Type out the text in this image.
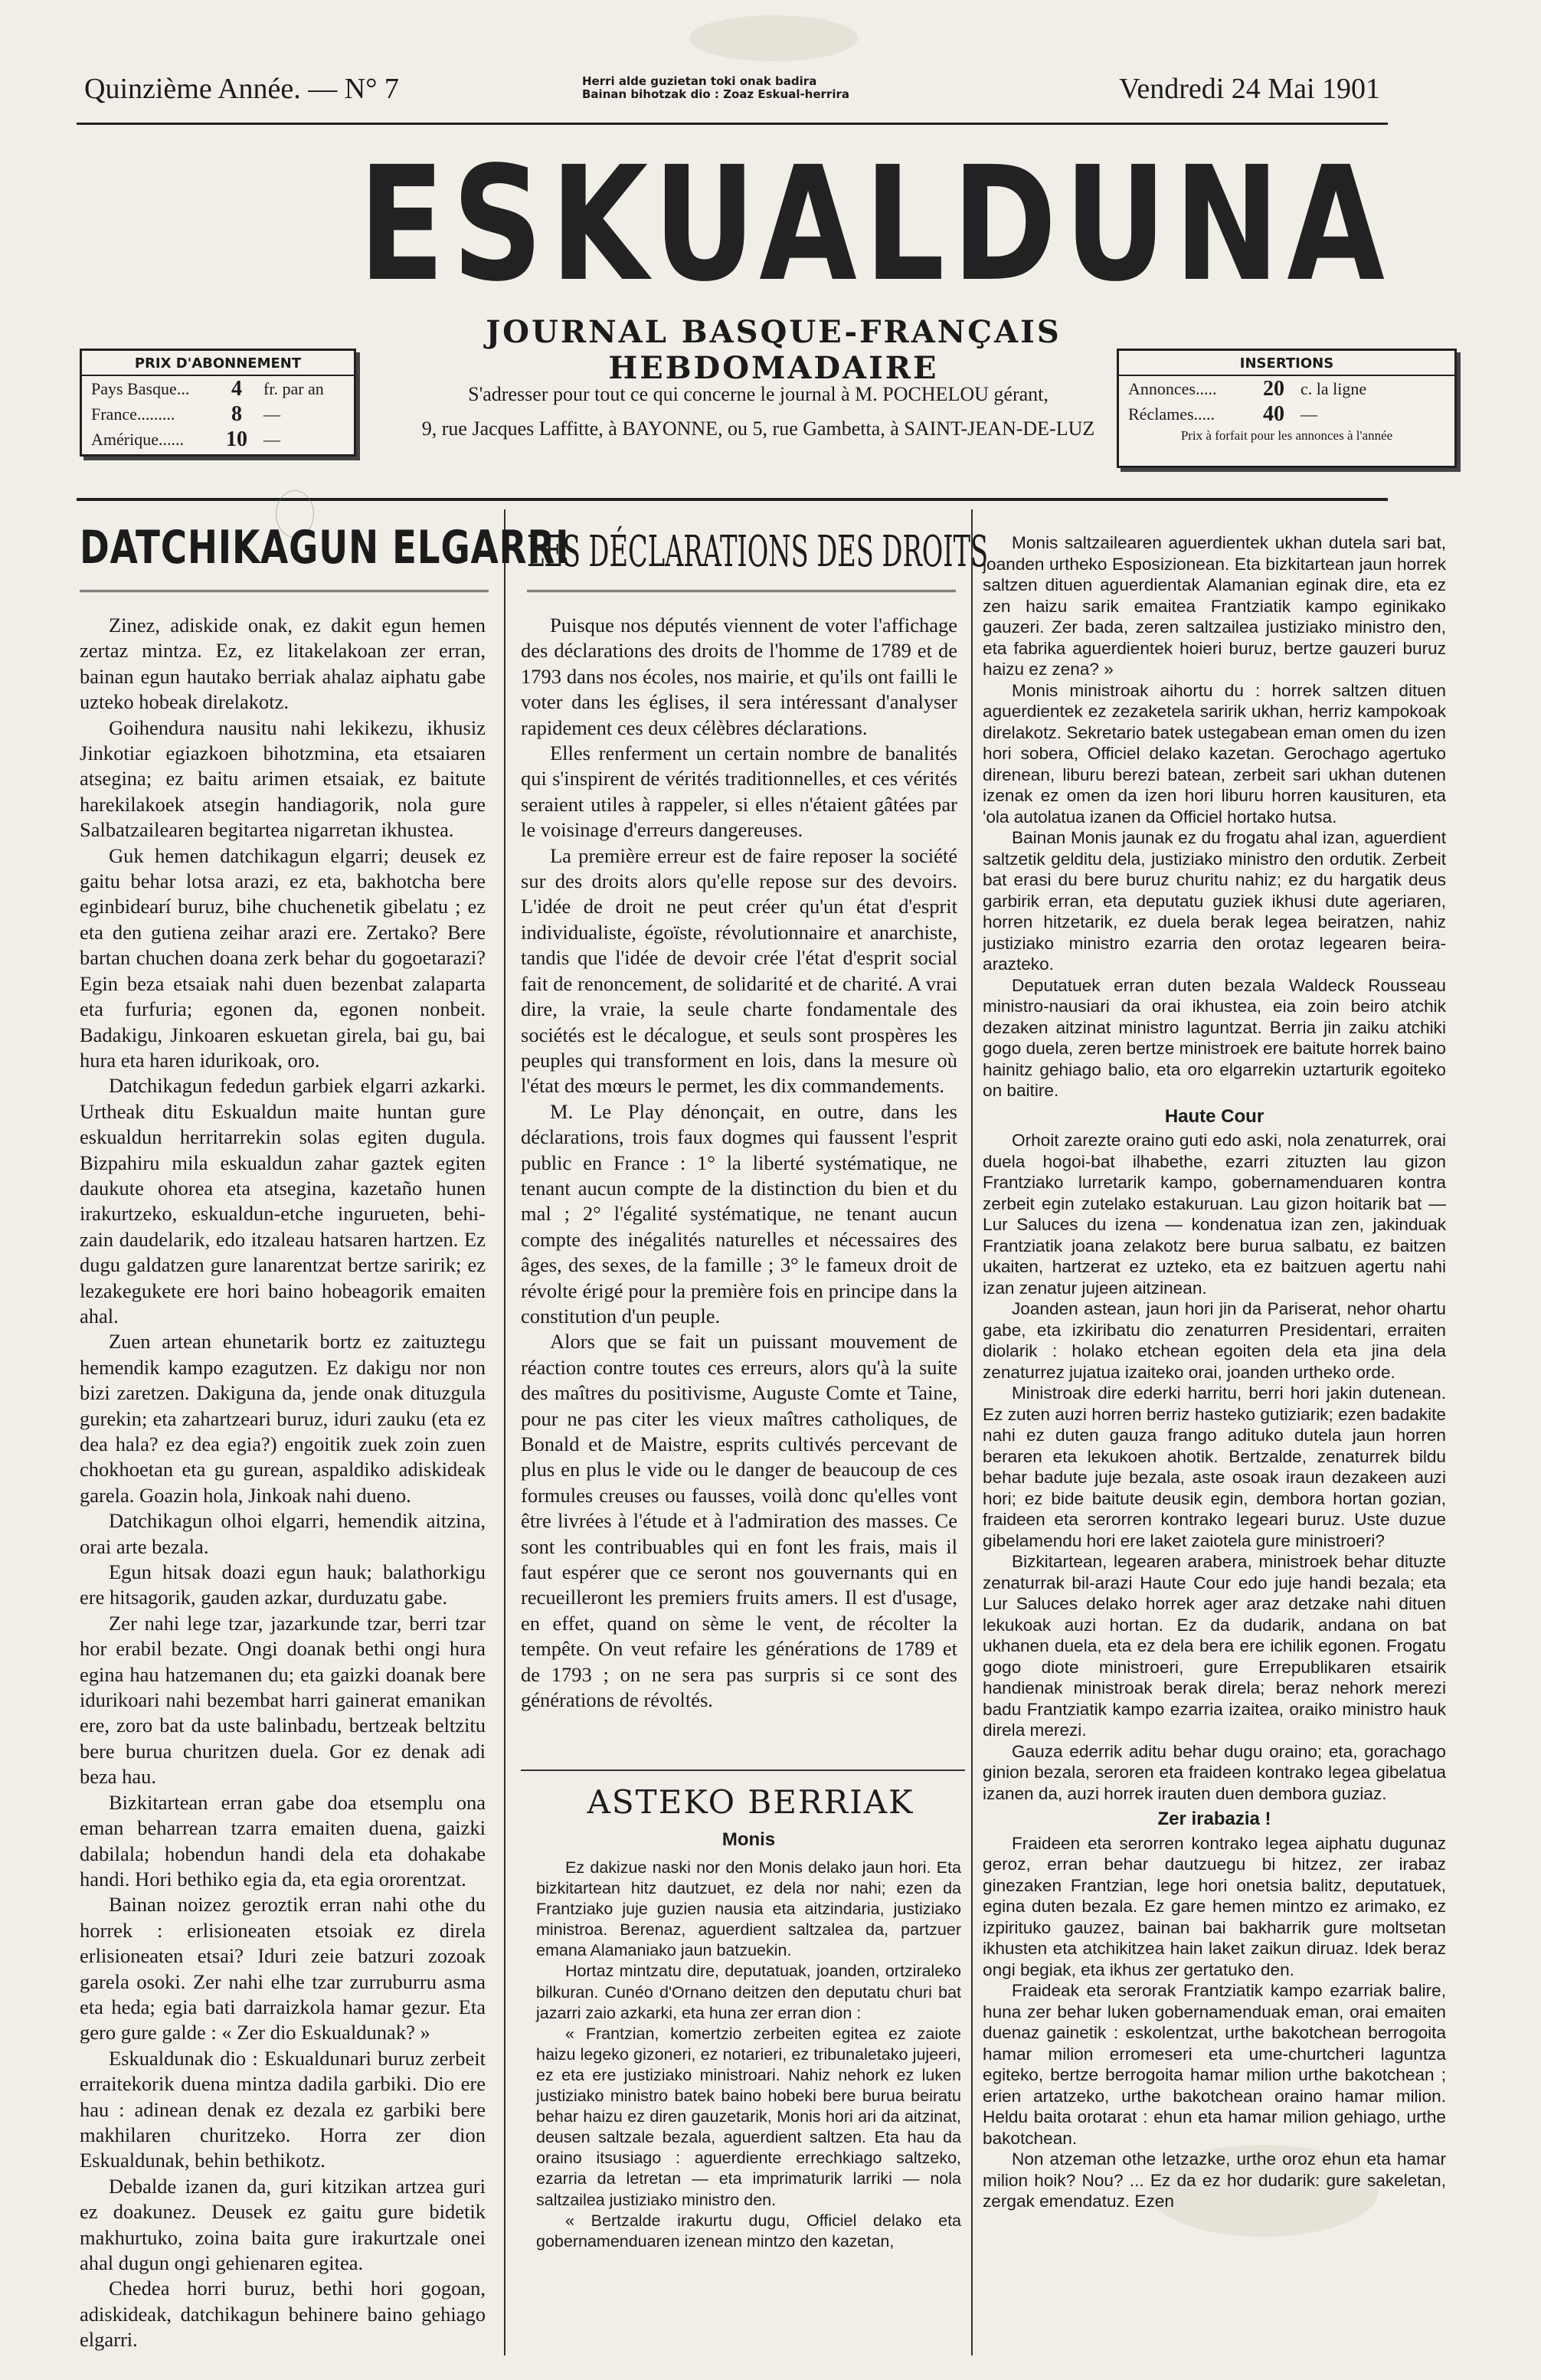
Quinzième Année. — N° 7	Herri alde guzietan toki onak badira
Bainan bihotzak dio : Zoaz Eskual-herrira	Vendredi 24 Mai 1901
ESKUALDUNA
JOURNAL BASQUE-FRANÇAIS HEBDOMADAIRE
PRIX D'ABONNEMENT
Pays Basque...	4	fr. par an
France.........	8	—
Amérique......	10 —
S'adresser pour tout ce qui concerne le journal à M. POCHELOU gérant,
9, rue Jacques Laffitte, à BAYONNE, ou 5, rue Gambetta, à SAINT-JEAN-DE-LUZ
INSERTIONS
Annonces.....	20 c. la ligne
Réclames.....	40 —
Prix à forfait pour les annonces à l'année
DATCHIKAGUN ELGARRI

Zinez, adiskide onak, ez dakit egun hemen zertaz mintza. Ez, ez litakelakoan zer erran, bainan egun hautako berriak ahalaz aiphatu gabe uzteko hobeak direlakotz.

Goihendura nausitu nahi lekikezu, ikhusiz Jinkotiar egiazkoen bihotzmina, eta etsaiaren atsegina; ez baitu arimen etsaiak, ez baitute harekilakoek atsegin handiagorik, nola gure Salbatzailearen begitartea nigarretan ikhustea.

Guk hemen datchikagun elgarri; deusek ez gaitu behar lotsa arazi, ez eta, bakhotcha bere eginbidearí buruz, bihe chuchenetik gibelatu ; ez eta den gutiena zeihar arazi ere. Zertako? Bere bartan chuchen doana zerk behar du gogoetarazi? Egin beza etsaiak nahi duen bezenbat zalaparta eta furfuria; egonen da, egonen nonbeit. Badakigu, Jinkoaren eskuetan girela, bai gu, bai hura eta haren idurikoak, oro.

Datchikagun fededun garbiek elgarri azkarki. Urtheak ditu Eskualdun maite huntan gure eskualdun herritarrekin solas egiten dugula. Bizpahiru mila eskualdun zahar gaztek egiten daukute ohorea eta atsegina, kazetaño hunen irakurtzeko, eskualdun-etche ingurueten, behi-zain daudelarik, edo itzaleau hatsaren hartzen. Ez dugu galdatzen gure lanarentzat bertze saririk; ez lezakegukete ere hori baino hobeagorik emaiten ahal.

Zuen artean ehunetarik bortz ez zaituztegu hemendik kampo ezagutzen. Ez dakigu nor non bizi zaretzen. Dakiguna da, jende onak dituzgula gurekin; eta zahartzeari buruz, iduri zauku (eta ez dea hala? ez dea egia?) engoitik zuek zoin zuen chokhoetan eta gu gurean, aspaldiko adiskideak garela. Goazin hola, Jinkoak nahi dueno.

Datchikagun olhoi elgarri, hemendik aitzina, orai arte bezala.

Egun hitsak doazi egun hauk; balathorkigu ere hitsagorik, gauden azkar, durduzatu gabe.

Zer nahi lege tzar, jazarkunde tzar, berri tzar hor erabil bezate. Ongi doanak bethi ongi hura egina hau hatzemanen du; eta gaizki doanak bere idurikoari nahi bezembat harri gainerat emanikan ere, zoro bat da uste balinbadu, bertzeak beltzitu bere burua churitzen duela. Gor ez denak adi beza hau.

Bizkitartean erran gabe doa etsemplu ona eman beharrean tzarra emaiten duena, gaizki dabilala; hobendun handi dela eta dohakabe handi. Hori bethiko egia da, eta egia ororentzat.

Bainan noizez geroztik erran nahi othe du horrek : erlisioneaten etsoiak ez direla erlisioneaten etsai? Iduri zeie batzuri zozoak garela osoki. Zer nahi elhe tzar zurruburru asma eta heda; egia bati darraizkola hamar gezur. Eta gero gure galde : « Zer dio Eskualdunak? »

Eskualdunak dio : Eskualdunari buruz zerbeit erraitekorik duena mintza dadila garbiki. Dio ere hau : adinean denak ez dezala ez garbiki bere makhilaren churitzeko. Horra zer dion Eskualdunak, behin bethikotz.

Debalde izanen da, guri kitzikan artzea guri ez doakunez. Deusek ez gaitu gure bidetik makhurtuko, zoina baita gure irakurtzale onei ahal dugun ongi gehienaren egitea.

Chedea horri buruz, bethi hori gogoan, adiskideak, datchikagun behinere baino gehiago elgarri.

LES DÉCLARATIONS DES DROITS

Puisque nos députés viennent de voter l'affichage des déclarations des droits de l'homme de 1789 et de 1793 dans nos écoles, nos mairie, et qu'ils ont failli le voter dans les églises, il sera intéressant d'analyser rapidement ces deux célèbres déclarations.

Elles renferment un certain nombre de banalités qui s'inspirent de vérités traditionnelles, et ces vérités seraient utiles à rappeler, si elles n'étaient gâtées par le voisinage d'erreurs dangereuses.

La première erreur est de faire reposer la société sur des droits alors qu'elle repose sur des devoirs. L'idée de droit ne peut créer qu'un état d'esprit individualiste, égoïste, révolutionnaire et anarchiste, tandis que l'idée de devoir crée l'état d'esprit social fait de renoncement, de solidarité et de charité. A vrai dire, la vraie, la seule charte fondamentale des sociétés est le décalogue, et seuls sont prospères les peuples qui transforment en lois, dans la mesure où l'état des mœurs le permet, les dix commandements.

M. Le Play dénonçait, en outre, dans les déclarations, trois faux dogmes qui faussent l'esprit public en France : 1° la liberté systématique, ne tenant aucun compte de la distinction du bien et du mal ; 2° l'égalité systématique, ne tenant aucun compte des inégalités naturelles et nécessaires des âges, des sexes, de la famille ; 3° le fameux droit de révolte érigé pour la première fois en principe dans la constitution d'un peuple.

Alors que se fait un puissant mouvement de réaction contre toutes ces erreurs, alors qu'à la suite des maîtres du positivisme, Auguste Comte et Taine, pour ne pas citer les vieux maîtres catholiques, de Bonald et de Maistre, esprits cultivés percevant de plus en plus le vide ou le danger de beaucoup de ces formules creuses ou fausses, voilà donc qu'elles vont être livrées à l'étude et à l'admiration des masses. Ce sont les contribuables qui en font les frais, mais il faut espérer que ce seront nos gouvernants qui en recueilleront les premiers fruits amers. Il est d'usage, en effet, quand on sème le vent, de récolter la tempête. On veut refaire les générations de 1789 et de 1793 ; on ne sera pas surpris si ce sont des générations de révoltés.

ASTEKO BERRIAK
Monis

Ez dakizue naski nor den Monis delako jaun hori. Eta bizkitartean hitz dautzuet, ez dela nor nahi; ezen da Frantziako juje guzien nausia eta aitzindaria, justiziako ministroa. Berenaz, aguerdient saltzalea da, partzuer emana Alamaniako jaun batzuekin.

Hortaz mintzatu dire, deputatuak, joanden, ortziraleko bilkuran. Cunéo d'Ornano deitzen den deputatu churi bat jazarri zaio azkarki, eta huna zer erran dion :

« Frantzian, komertzio zerbeiten egitea ez zaiote haizu legeko gizoneri, ez notarieri, ez tribunaletako jujeeri, ez eta ere justiziako ministroari. Nahiz nehork ez luken justiziako ministro batek baino hobeki bere burua beiratu behar haizu ez diren gauzetarik, Monis hori ari da aitzinat, deusen saltzale bezala, aguerdient saltzen. Eta hau da oraino itsusiago : aguerdiente errechkiago saltzeko, ezarria da letretan — eta imprimaturik larriki — nola saltzailea justiziako ministro den.

« Bertzalde irakurtu dugu, Officiel delako eta gobernamenduaren izenean mintzo den kazetan,

Monis saltzailearen aguerdientek ukhan dutela sari bat, joanden urtheko Esposizionean. Eta bizkitartean jaun horrek saltzen dituen aguerdientak Alamanian eginak dire, eta ez zen haizu sarik emaitea Frantziatik kampo eginikako gauzeri. Zer bada, zeren saltzailea justiziako ministro den, eta fabrika aguerdientek hoieri buruz, bertze gauzeri buruz haizu ez zena? »

Monis ministroak aihortu du : horrek saltzen dituen aguerdientek ez zezaketela saririk ukhan, herriz kampokoak direlakotz. Sekretario batek ustegabean eman omen du izen hori sobera, Officiel delako kazetan. Gerochago agertuko direnean, liburu berezi batean, zerbeit sari ukhan dutenen izenak ez omen da izen hori liburu horren kausituren, eta 'ola autolatua izanen da Officiel hortako hutsa.

Bainan Monis jaunak ez du frogatu ahal izan, aguerdient saltzetik gelditu dela, justiziako ministro den ordutik. Zerbeit bat erasi du bere buruz churitu nahiz; ez du hargatik deus garbirik erran, eta deputatu guziek ikhusi dute ageriaren, horren hitzetarik, ez duela berak legea beiratzen, nahiz justiziako ministro ezarria den orotaz legearen beira-arazteko.

Deputatuek erran duten bezala Waldeck Rousseau ministro-nausiari da orai ikhustea, eia zoin beiro atchik dezaken aitzinat ministro laguntzat. Berria jin zaiku atchiki gogo duela, zeren bertze ministroek ere baitute horrek baino hainitz gehiago balio, eta oro elgarrekin uztarturik egoiteko on baitire.

Haute Cour

Orhoit zarezte oraino guti edo aski, nola zenaturrek, orai duela hogoi-bat ilhabethe, ezarri zituzten lau gizon Frantziako lurretarik kampo, gobernamenduaren kontra zerbeit egin zutelako estakuruan. Lau gizon hoitarik bat — Lur Saluces du izena — kondenatua izan zen, jakinduak Frantziatik joana zelakotz bere burua salbatu, ez baitzen ukaiten, hartzerat ez uzteko, eta ez baitzuen agertu nahi izan zenatur jujeen aitzinean.

Joanden astean, jaun hori jin da Pariserat, nehor ohartu gabe, eta izkiribatu dio zenaturren Presidentari, erraiten diolarik : holako etchean egoiten dela eta jina dela zenaturrez jujatua izaiteko orai, joanden urtheko orde.

Ministroak dire ederki harritu, berri hori jakin dutenean. Ez zuten auzi horren berriz hasteko gutiziarik; ezen badakite nahi ez duten gauza frango adituko dutela jaun horren beraren eta lekukoen ahotik. Bertzalde, zenaturrek bildu behar badute juje bezala, aste osoak iraun dezakeen auzi hori; ez bide baitute deusik egin, dembora hortan gozian, fraideen eta serorren kontrako legeari buruz. Uste duzue gibelamendu hori ere laket zaiotela gure ministroeri?

Bizkitartean, legearen arabera, ministroek behar dituzte zenaturrak bil-arazi Haute Cour edo juje handi bezala; eta Lur Saluces delako horrek ager araz detzake nahi dituen lekukoak auzi hortan. Ez da dudarik, andana on bat ukhanen duela, eta ez dela bera ere ichilik egonen. Frogatu gogo diote ministroeri, gure Errepublikaren etsairik handienak ministroak berak direla; beraz nehork merezi badu Frantziatik kampo ezarria izaitea, oraiko ministro hauk direla merezi.

Gauza ederrik aditu behar dugu oraino; eta, gorachago ginion bezala, seroren eta fraideen kontrako legea gibelatua izanen da, auzi horrek irauten duen dembora guziaz.

Zer irabazia !

Fraideen eta serorren kontrako legea aiphatu dugunaz geroz, erran behar dautzuegu bi hitzez, zer irabaz ginezaken Frantzian, lege hori onetsia balitz, deputatuek, egina duten bezala. Ez gare hemen mintzo ez arimako, ez izpirituko gauzez, bainan bai bakharrik gure moltsetan ikhusten eta atchikitzea hain laket zaikun diruaz. Idek beraz ongi begiak, eta ikhus zer gertatuko den.

Fraideak eta serorak Frantziatik kampo ezarriak balire, huna zer behar luken gobernamenduak eman, orai emaiten duenaz gainetik : eskolentzat, urthe bakotchean berrogoita hamar milion erromeseri eta ume-churtcheri laguntza egiteko, bertze berrogoita hamar milion urthe bakotchean ; erien artatzeko, urthe bakotchean oraino hamar milion. Heldu baita orotarat : ehun eta hamar milion gehiago, urthe bakotchean.

Non atzeman othe letzazke, urthe oroz ehun eta hamar milion hoik? Nou? ... Ez da ez hor dudarik: gure sakeletan, zergak emendatuz. Ezen
